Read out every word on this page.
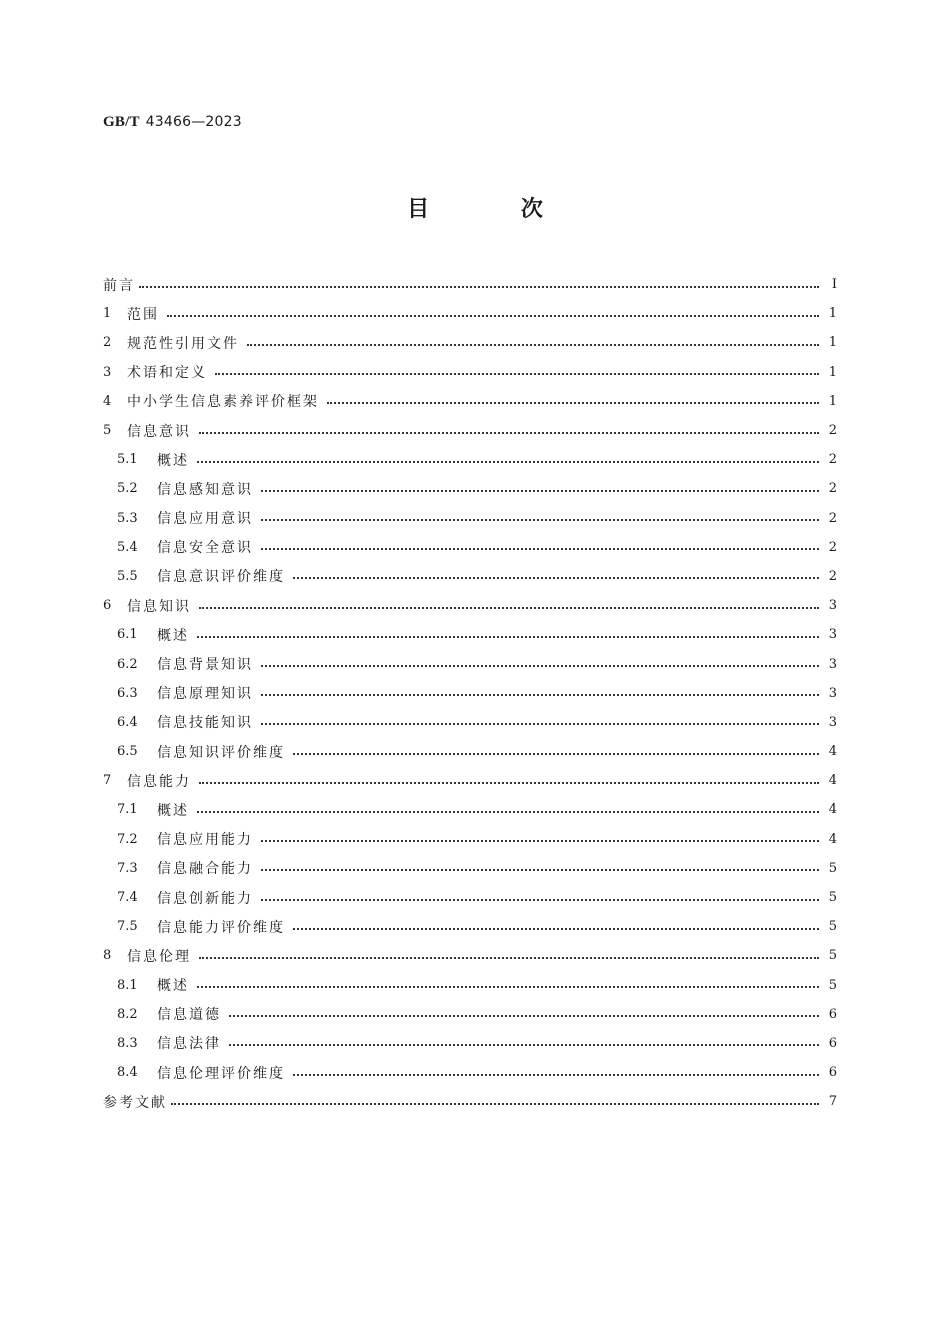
GB/T 43466—2023
目 次
前言	Ⅰ
1	范围	1
2	规范性引用文件	1
3	术语和定义	1
4	中小学生信息素养评价框架	1
5	信息意识	2
5.1	概述	2
5.2	信息感知意识	2
5.3	信息应用意识	2
5.4	信息安全意识	2
5.5	信息意识评价维度	2
6	信息知识	3
6.1	概述	3
6.2	信息背景知识	3
6.3	信息原理知识	3
6.4	信息技能知识	3
6.5	信息知识评价维度	4
7	信息能力	4
7.1	概述	4
7.2	信息应用能力	4
7.3	信息融合能力	5
7.4	信息创新能力	5
7.5	信息能力评价维度	5
8	信息伦理	5
8.1	概述	5
8.2	信息道德	6
8.3	信息法律	6
8.4	信息伦理评价维度	6
参考文献	7
